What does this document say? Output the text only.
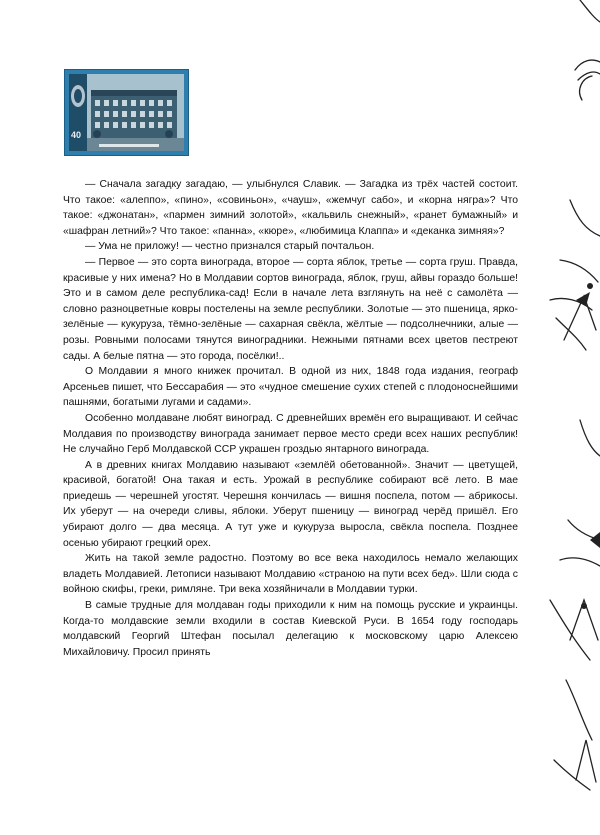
40

— Сначала загадку загадаю, — улыбнулся Славик. — Загадка из трёх частей состоит. Что такое: «алеппо», «пино», «совиньон», «чауш», «жемчуг сабо», и «корна нягра»? Что такое: «джонатан», «пармен зимний золотой», «кальвиль снежный», «ранет бумажный» и «шафран летний»? Что такое: «панна», «кюре», «любимица Клаппа» и «деканка зимняя»?

— Ума не приложу! — честно признался старый почтальон.

— Первое — это сорта винограда, второе — сорта яблок, третье — сорта груш. Правда, красивые у них имена? Но в Молдавии сортов винограда, яблок, груш, айвы гораздо больше! Это и в самом деле республика-сад! Если в начале лета взглянуть на неё с самолёта — словно разноцветные ковры постелены на земле республики. Золотые — это пшеница, ярко-зелёные — кукуруза, тёмно-зелёные — сахарная свёкла, жёлтые — подсолнечники, алые — розы. Ровными полосами тянутся виноградники. Нежными пятнами всех цветов пестреют сады. А белые пятна — это города, посёлки!..

О Молдавии я много книжек прочитал. В одной из них, 1848 года издания, географ Арсеньев пишет, что Бессарабия — это «чудное смешение сухих степей с плодоноснейшими пашнями, богатыми лугами и садами».

Особенно молдаване любят виноград. С древнейших времён его выращивают. И сейчас Молдавия по производству винограда занимает первое место среди всех наших республик! Не случайно Герб Молдавской ССР украшен гроздью янтарного винограда.

А в древних книгах Молдавию называют «землёй обетованной». Значит — цветущей, красивой, богатой! Она такая и есть. Урожай в республике собирают всё лето. В мае приедешь — черешней угостят. Черешня кончилась — вишня поспела, потом — абрикосы. Их уберут — на очереди сливы, яблоки. Уберут пшеницу — виноград черёд пришёл. Его убирают долго — два месяца. А тут уже и кукуруза выросла, свёкла поспела. Позднее осенью убирают грецкий орех.

Жить на такой земле радостно. Поэтому во все века находилось немало желающих владеть Молдавией. Летописи называют Молдавию «страною на пути всех бед». Шли сюда с войною скифы, греки, римляне. Три века хозяйничали в Молдавии турки.

В самые трудные для молдаван годы приходили к ним на помощь русские и украинцы. Когда-то молдавские земли входили в состав Киевской Руси. В 1654 году господарь молдавский Георгий Штефан посылал делегацию к московскому царю Алексею Михайловичу. Просил принять
